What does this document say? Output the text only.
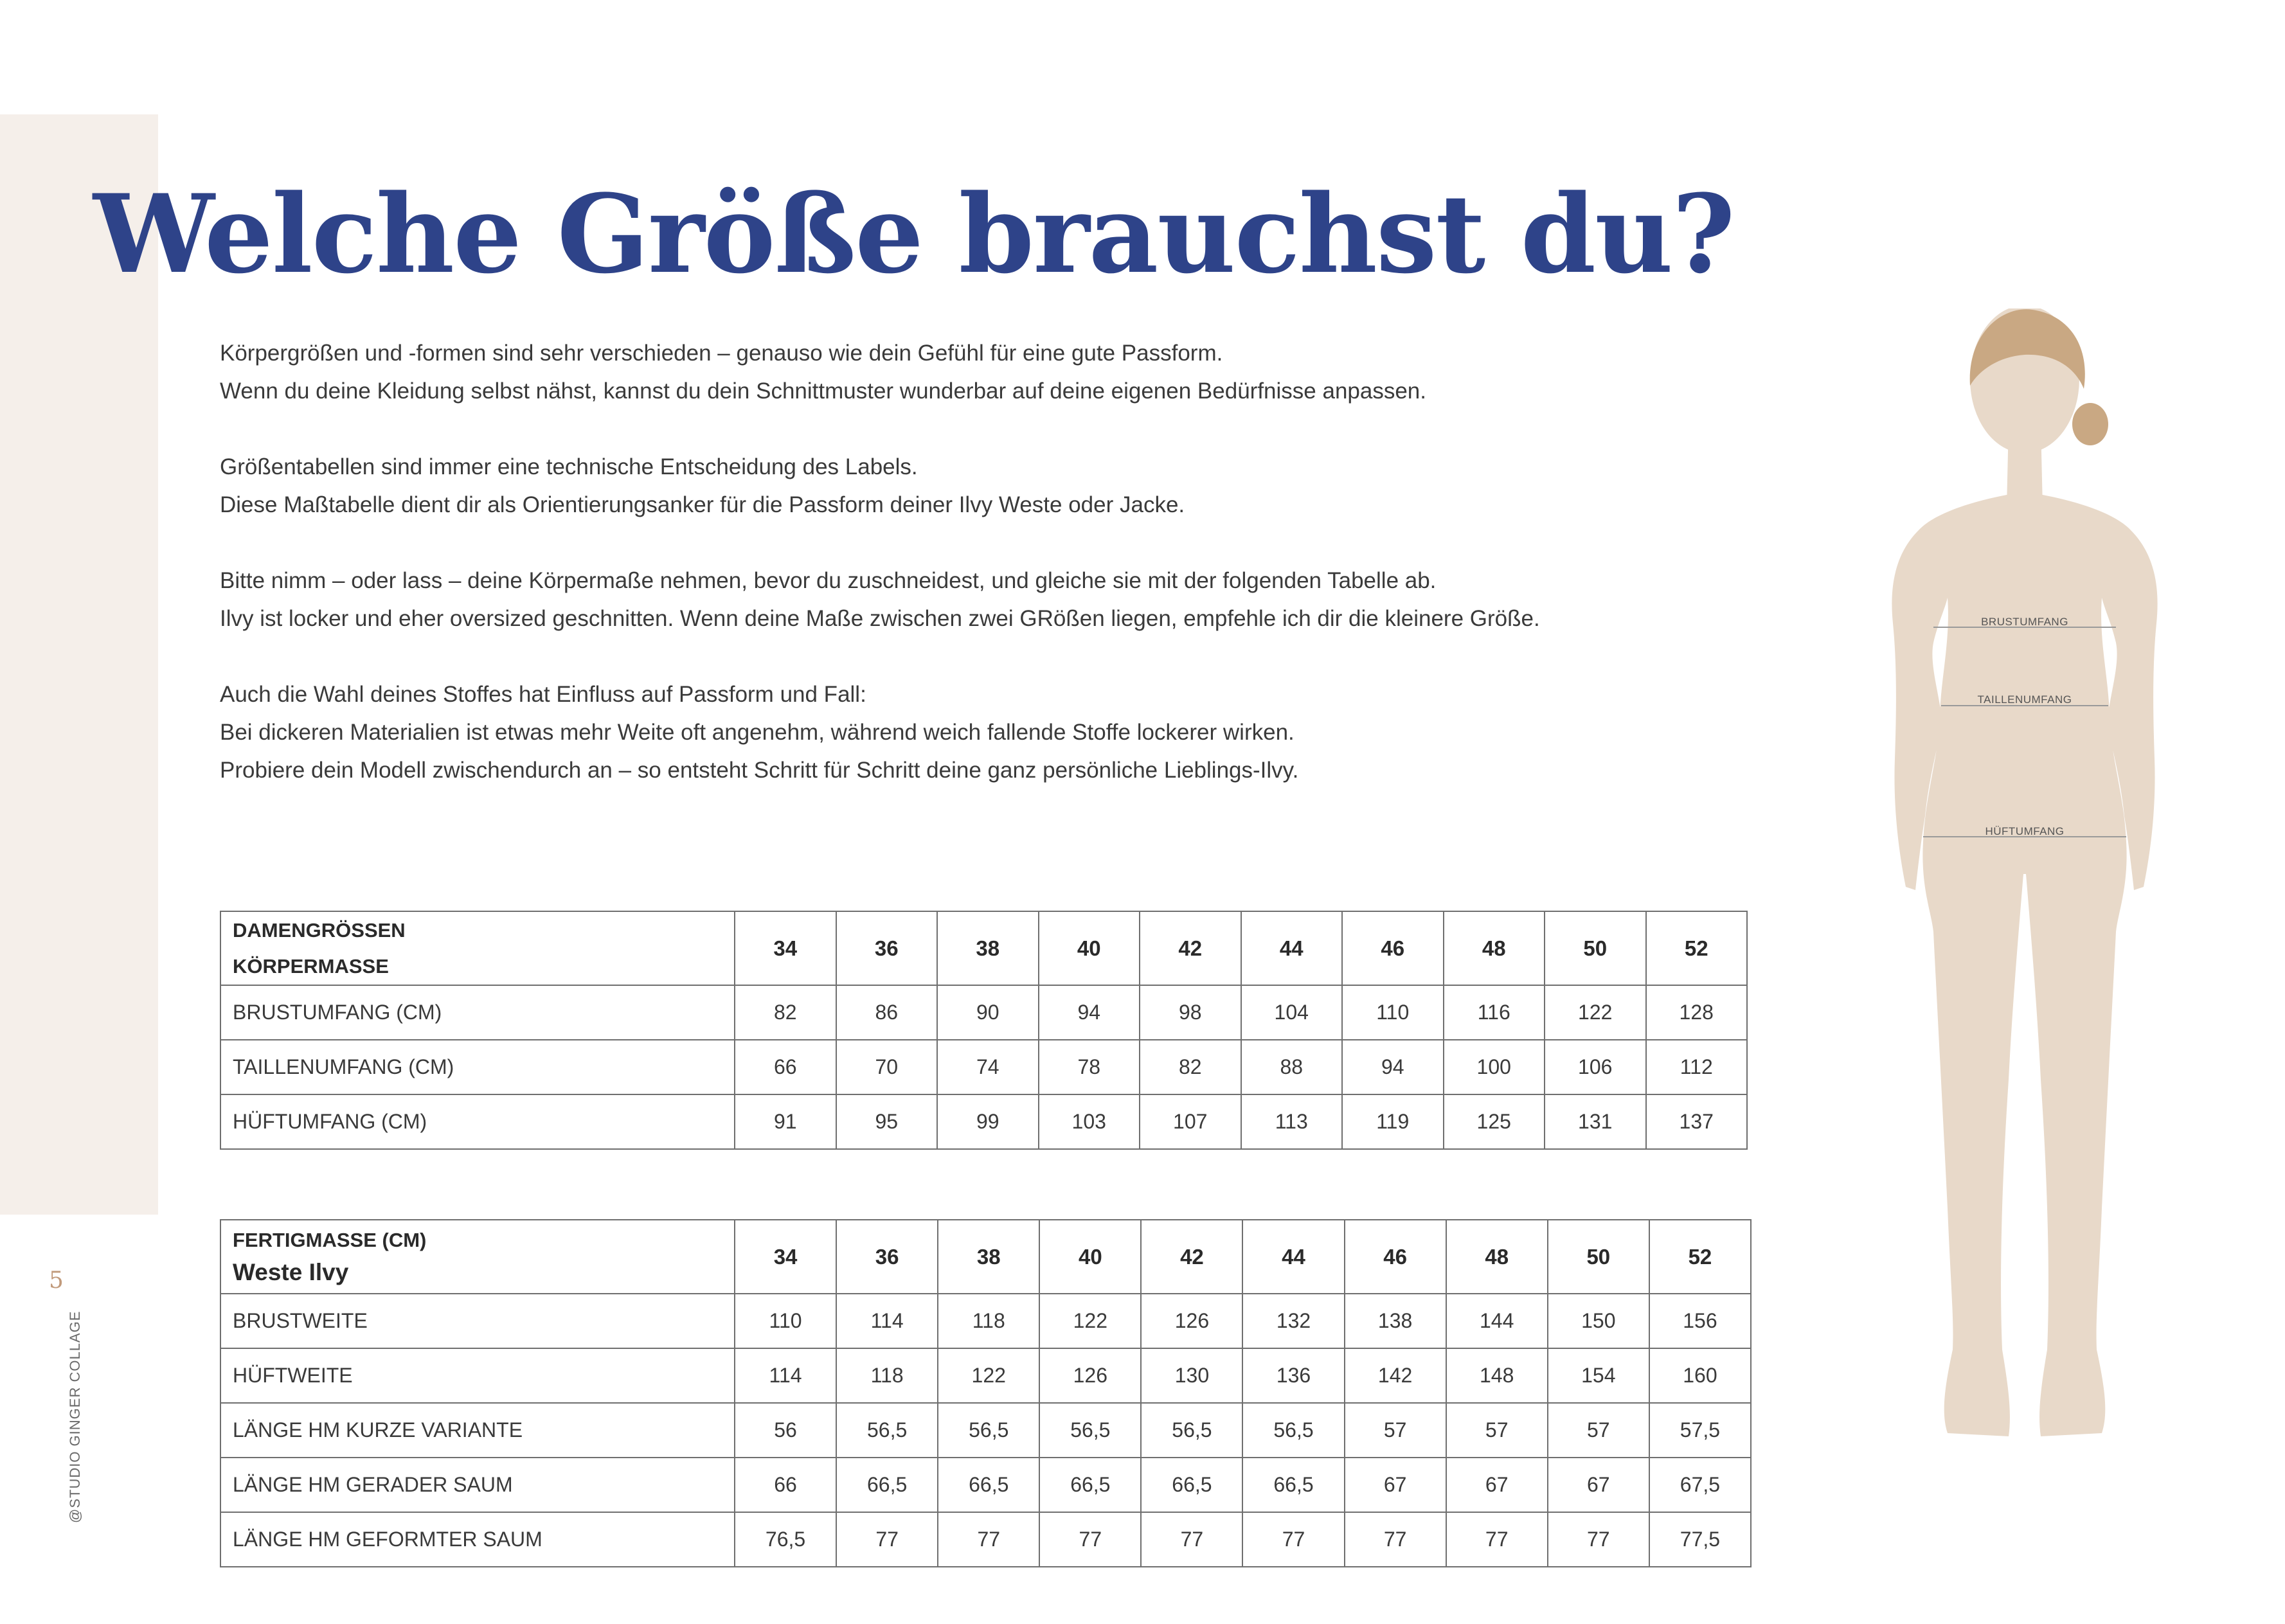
Welche Größe brauchst du?

Körpergrößen und -formen sind sehr verschieden – genauso wie dein Gefühl für eine gute Passform.

Wenn du deine Kleidung selbst nähst, kannst du dein Schnittmuster wunderbar auf deine eigenen Bedürfnisse anpassen.

Größentabellen sind immer eine technische Entscheidung des Labels.

Diese Maßtabelle dient dir als Orientierungsanker für die Passform deiner Ilvy Weste oder Jacke.

Bitte nimm – oder lass – deine Körpermaße nehmen, bevor du zuschneidest, und gleiche sie mit der folgenden Tabelle ab.

Ilvy ist locker und eher oversized geschnitten. Wenn deine Maße zwischen zwei GRößen liegen, empfehle ich dir die kleinere Größe.

Auch die Wahl deines Stoffes hat Einfluss auf Passform und Fall:

Bei dickeren Materialien ist etwas mehr Weite oft angenehm, während weich fallende Stoffe lockerer wirken.

Probiere dein Modell zwischendurch an – so entsteht Schritt für Schritt deine ganz persönliche Lieblings-Ilvy.

DAMENGRÖSSEN
KÖRPERMASSE	34	36	38	40	42	44	46	48	50	52
BRUSTUMFANG (CM)	82	86	90	94	98	104	110	116	122	128
TAILLENUMFANG (CM)	66	70	74	78	82	88	94	100	106	112
HÜFTUMFANG (CM)	91	95	99	103	107	113	119	125	131	137
FERTIGMASSE (CM)
Weste Ilvy	34	36	38	40	42	44	46	48	50	52
BRUSTWEITE	110	114	118	122	126	132	138	144	150	156
HÜFTWEITE	114	118	122	126	130	136	142	148	154	160
LÄNGE HM KURZE VARIANTE	56	56,5	56,5	56,5	56,5	56,5	57	57	57	57,5
LÄNGE HM GERADER SAUM	66	66,5	66,5	66,5	66,5	66,5	67	67	67	67,5
LÄNGE HM GEFORMTER SAUM	76,5	77	77	77	77	77	77	77	77	77,5
5
@STUDIO GINGER COLLAGE
BRUSTUMFANG
TAILLENUMFANG
HÜFTUMFANG
